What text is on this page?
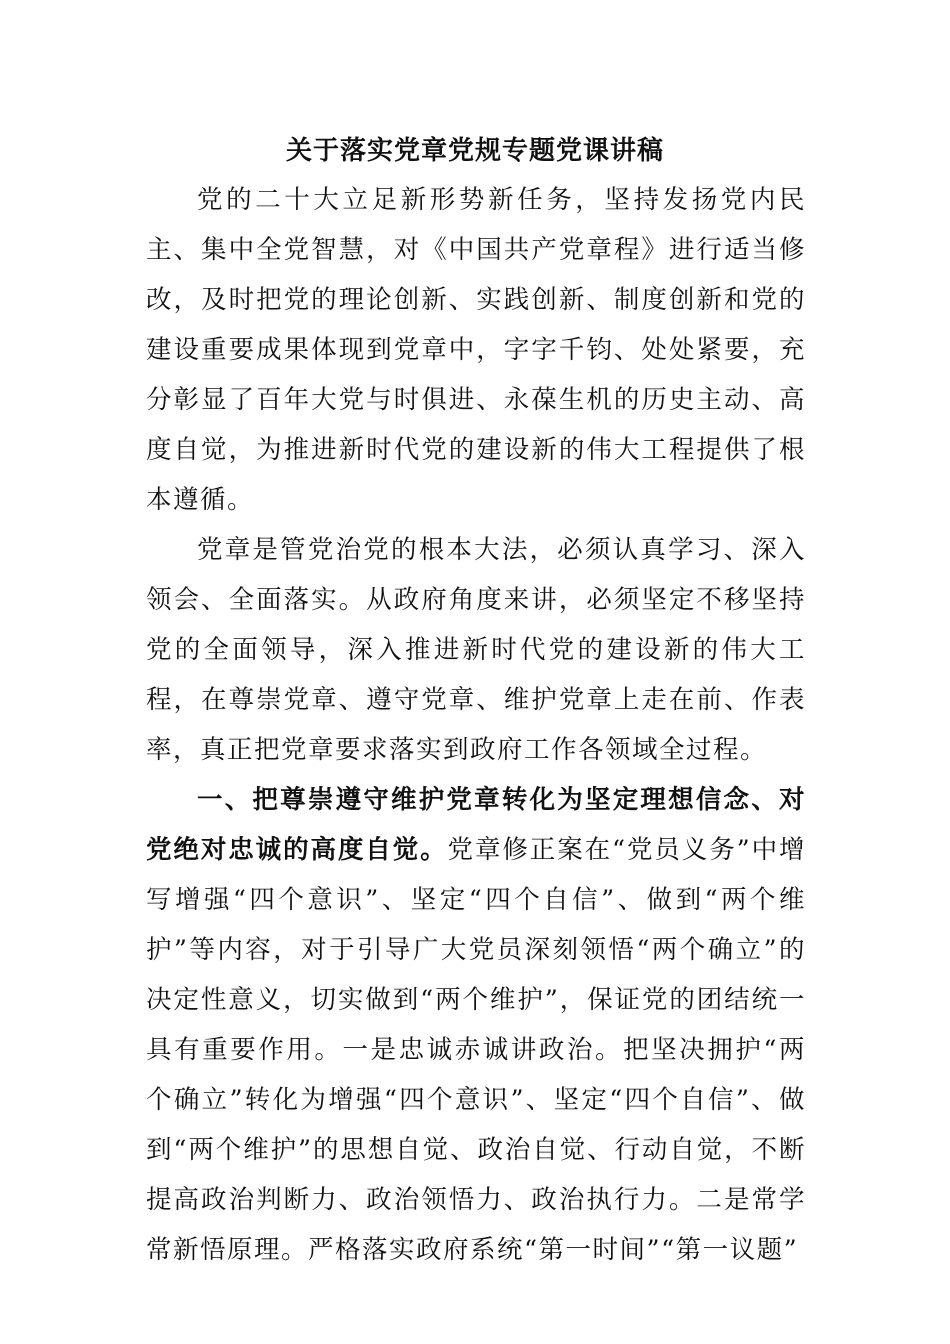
关于落实党章党规专题党课讲稿

党的二十大立足新形势新任务，坚持发扬党内民主、集中全党智慧，对《中国共产党章程》进行适当修改，及时把党的理论创新、实践创新、制度创新和党的建设重要成果体现到党章中，字字千钧、处处紧要，充分彰显了百年大党与时俱进、永葆生机的历史主动、高度自觉，为推进新时代党的建设新的伟大工程提供了根本遵循。

党章是管党治党的根本大法，必须认真学习、深入领会、全面落实。从政府角度来讲，必须坚定不移坚持党的全面领导，深入推进新时代党的建设新的伟大工程，在尊崇党章、遵守党章、维护党章上走在前、作表率，真正把党章要求落实到政府工作各领域全过程。

一、把尊崇遵守维护党章转化为坚定理想信念、对党绝对忠诚的高度自觉。党章修正案在“党员义务”中增写增强“四个意识”、坚定“四个自信”、做到“两个维护”等内容，对于引导广大党员深刻领悟“两个确立”的决定性意义，切实做到“两个维护”，保证党的团结统一具有重要作用。一是忠诚赤诚讲政治。把坚决拥护“两个确立”转化为增强“四个意识”、坚定“四个自信”、做到“两个维护”的思想自觉、政治自觉、行动自觉，不断提高政治判断力、政治领悟力、政治执行力。二是常学常新悟原理。严格落实政府系统“第一时间”“第一议题”
